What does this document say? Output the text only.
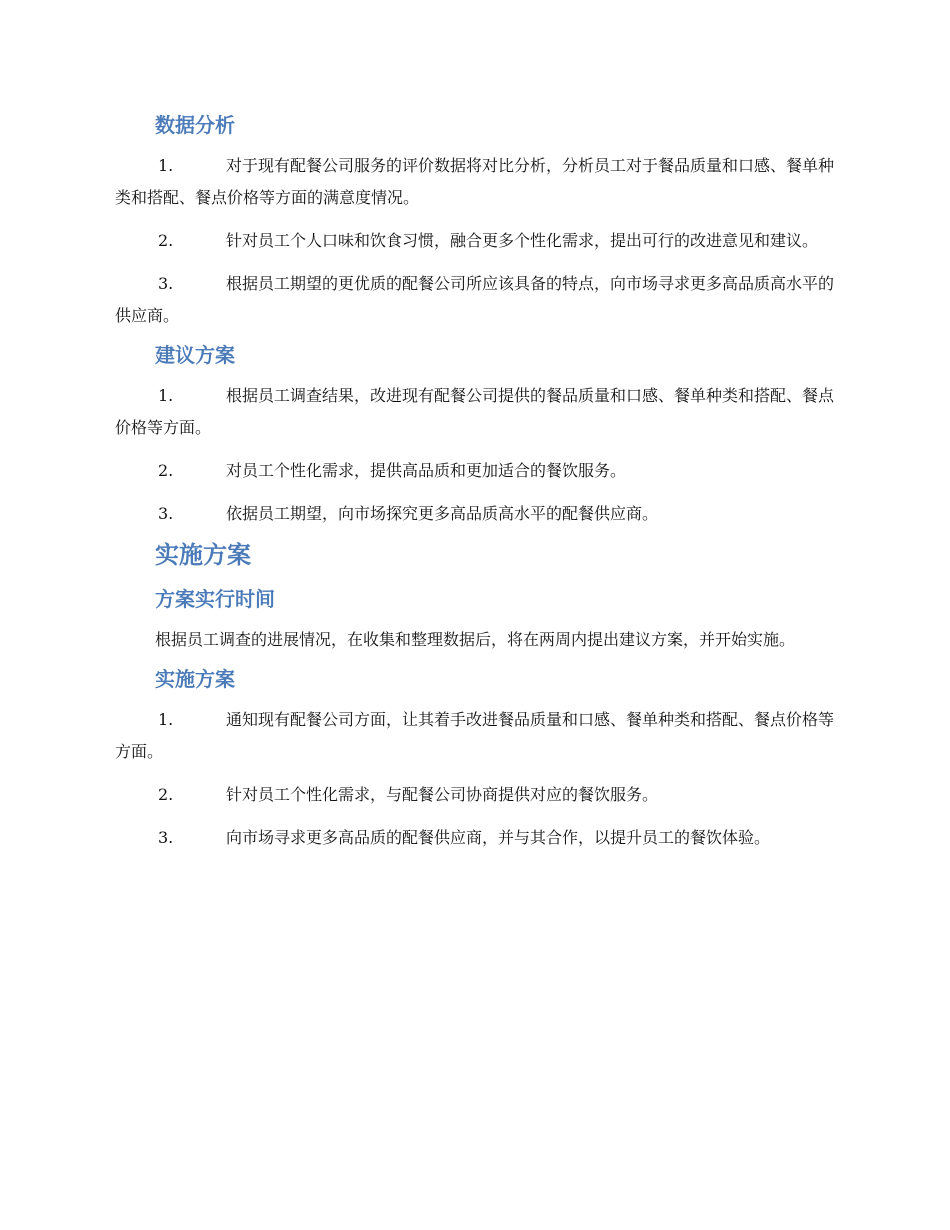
数据分析

1.	对于现有配餐公司服务的评价数据将对比分析，分析员工对于餐品质量和口感、餐单种类和搭配、餐点价格等方面的满意度情况。

2.	针对员工个人口味和饮食习惯，融合更多个性化需求，提出可行的改进意见和建议。

3.	根据员工期望的更优质的配餐公司所应该具备的特点，向市场寻求更多高品质高水平的供应商。

建议方案

1.	根据员工调查结果，改进现有配餐公司提供的餐品质量和口感、餐单种类和搭配、餐点价格等方面。

2.	对员工个性化需求，提供高品质和更加适合的餐饮服务。

3.	依据员工期望，向市场探究更多高品质高水平的配餐供应商。

实施方案
方案实行时间

根据员工调查的进展情况，在收集和整理数据后，将在两周内提出建议方案，并开始实施。

实施方案

1.	通知现有配餐公司方面，让其着手改进餐品质量和口感、餐单种类和搭配、餐点价格等方面。

2.	针对员工个性化需求，与配餐公司协商提供对应的餐饮服务。

3.	向市场寻求更多高品质的配餐供应商，并与其合作，以提升员工的餐饮体验。
